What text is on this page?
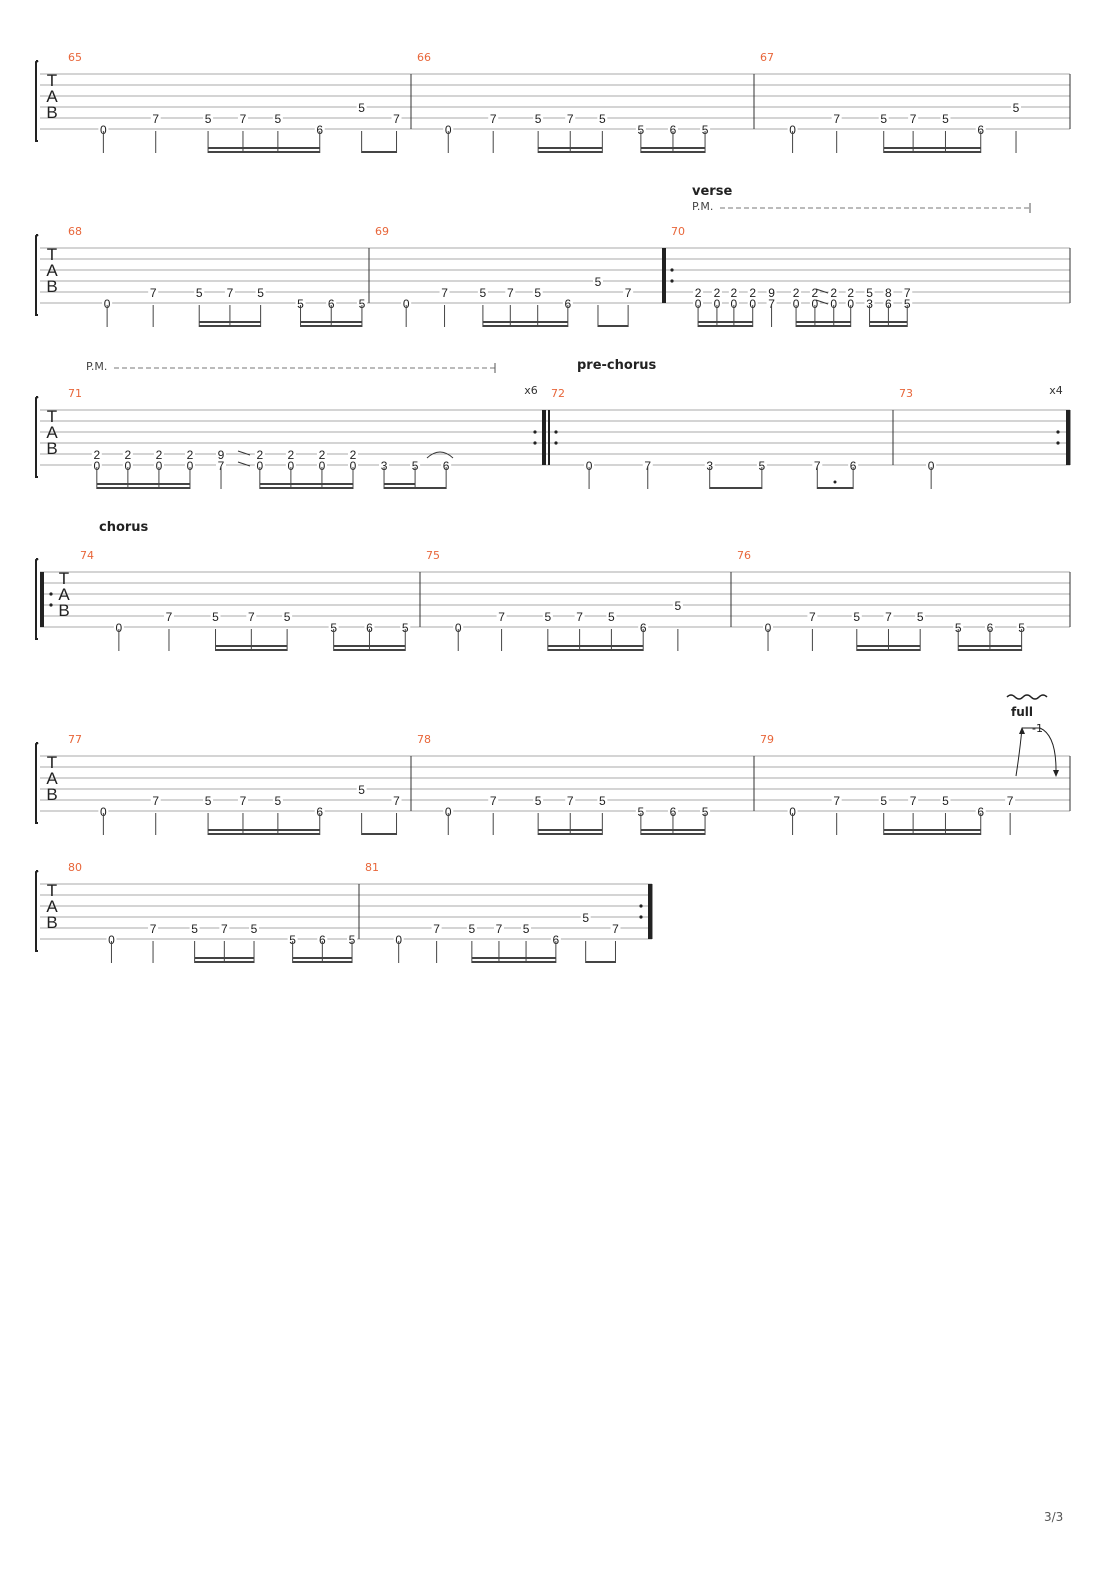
T
A
B
65
0
7	5 7 5
6
5
7
66
0
7	5 7 5
5 6 5
67
0
7	5 7 5
6
5
T
A
B
verse
P.M.
68
0
7	5 7 5
5 6 5
69
0
7	5 7 5
6
5
7
70
2
0
2
0
2
0
2
0
9
7
2
0
2
0
2
0
2
0
5
3
8
6
7
5
T
A
B
pre-chorus
P.M.
71	x6
2
0
2
0
2
0
2
0
9
7
2
0
2
0
2
0
2
0 3 5 6
72
0	7	3	5	7 6
73	x4
0
T
A
B
chorus
74
0
7	5 7 5
5 6 5
75
0
7	5 7 5
6
5
76
0
7	5 7 5
5 6 5
T
A
B
77
0
7	5 7 5
6
5
7
78
0
7	5 7 5
5 6 5
79
0
7	5 7 5
6
7
full
-1
T
A
B
80
0
7	5 7 5
5 6 5
81
0
7 5 7 5
6
5
7
3/3
